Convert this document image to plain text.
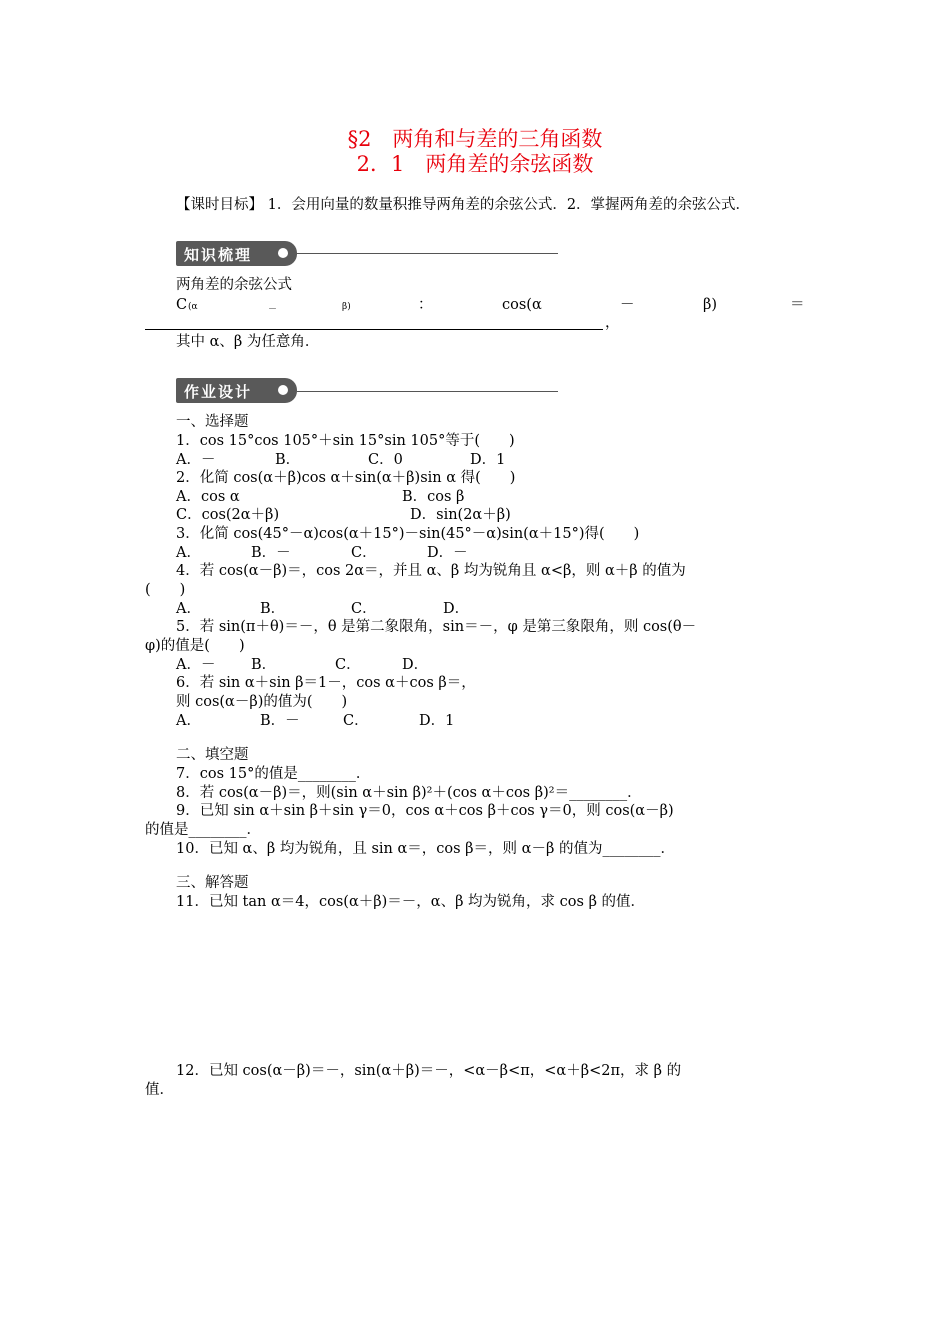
§2　两角和与差的三角函数
2．1　两角差的余弦函数
【课时目标】 1．会用向量的数量积推导两角差的余弦公式．2．掌握两角差的余弦公式．
知识梳理
两角差的余弦公式
C (α	－	β)	：	cos(α	－	β)	＝
，
其中 α、β 为任意角．
作业设计
一、选择题
1．cos 15°cos 105°＋sin 15°sin 105°等于(　　)
A．－	B．	C．0	D．1
2．化简 cos(α＋β)cos α＋sin(α＋β)sin α 得(　　)
A．cos α	B．cos β
C．cos(2α＋β)	D．sin(2α＋β)
3．化简 cos(45°－α)cos(α＋15°)－sin(45°－α)sin(α＋15°)得(　　)
A．	B．－	C．	D．－
4．若 cos(α－β)＝，cos 2α＝，并且 α、β 均为锐角且 α<β，则 α＋β 的值为
(　　)
A．	B．	C．	D．
5．若 sin(π＋θ)＝－，θ 是第二象限角，sin＝－，φ 是第三象限角，则 cos(θ－
φ)的值是(　　)
A．－ B．	C．	D．
6．若 sin α＋sin β＝1－，cos α＋cos β＝，
则 cos(α－β)的值为(　　)
A．	B．－	C．	D．1
二、填空题
7．cos 15°的值是________．
8．若 cos(α－β)＝，则(sin α＋sin β)²＋(cos α＋cos β)²＝________．
9．已知 sin α＋sin β＋sin γ＝0，cos α＋cos β＋cos γ＝0，则 cos(α－β)
的值是________．
10．已知 α、β 均为锐角，且 sin α＝，cos β＝，则 α－β 的值为________．
三、解答题
11．已知 tan α＝4，cos(α＋β)＝－，α、β 均为锐角，求 cos β 的值．
12．已知 cos(α－β)＝－，sin(α＋β)＝－，<α－β<π，<α＋β<2π，求 β 的
值．
